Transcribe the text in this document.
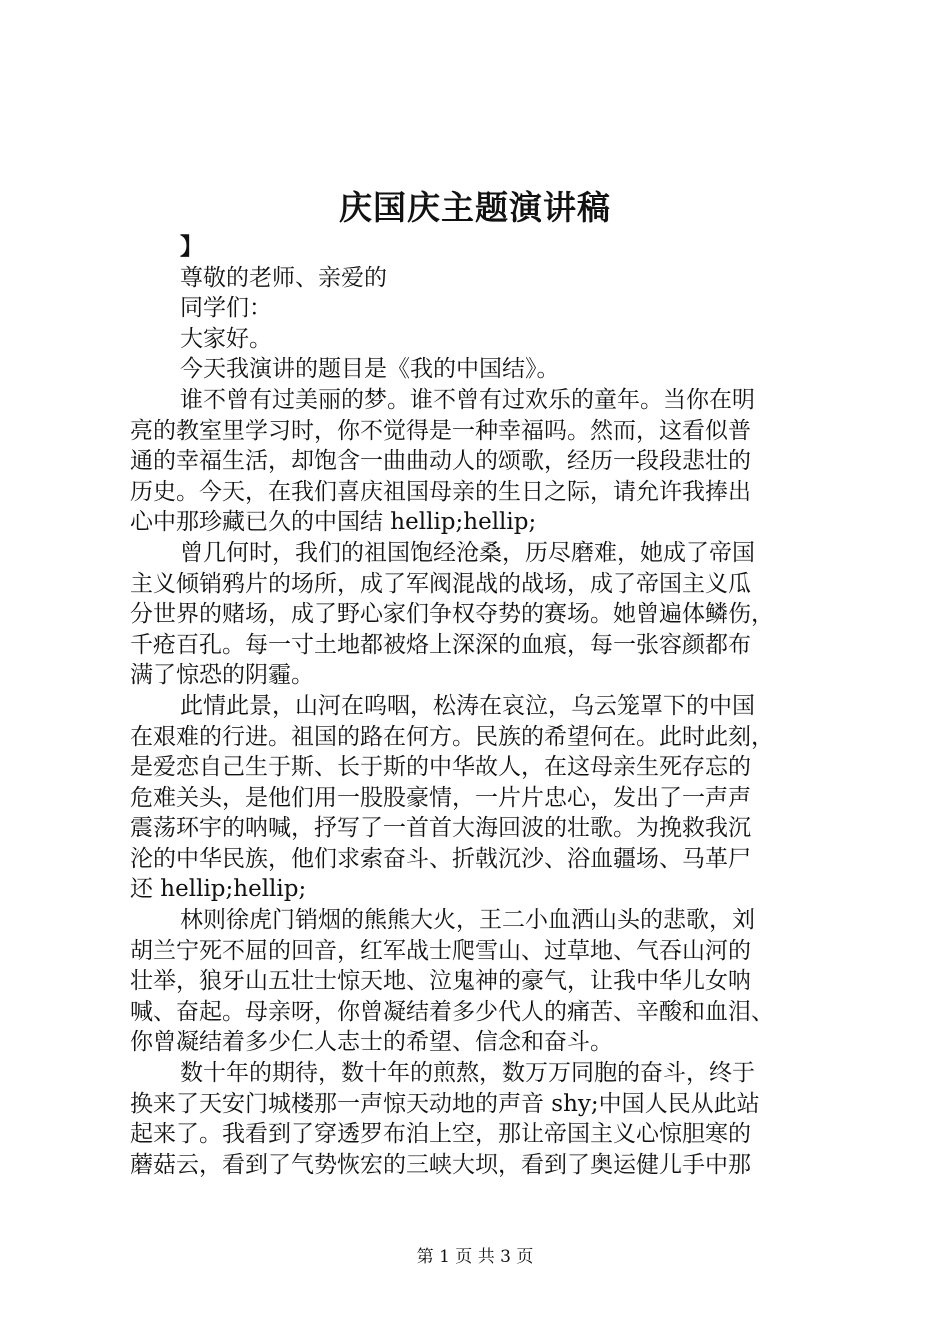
庆国庆主题演讲稿
】
尊敬的老师、亲爱的
同学们：
大家好。
今天我演讲的题目是《我的中国结》。
谁不曾有过美丽的梦。谁不曾有过欢乐的童年。当你在明
亮的教室里学习时，你不觉得是一种幸福吗。然而，这看似普
通的幸福生活，却饱含一曲曲动人的颂歌，经历一段段悲壮的
历史。今天，在我们喜庆祖国母亲的生日之际，请允许我捧出
心中那珍藏已久的中国结 hellip;hellip;
曾几何时，我们的祖国饱经沧桑，历尽磨难，她成了帝国
主义倾销鸦片的场所，成了军阀混战的战场，成了帝国主义瓜
分世界的赌场，成了野心家们争权夺势的赛场。她曾遍体鳞伤，
千疮百孔。每一寸土地都被烙上深深的血痕，每一张容颜都布
满了惊恐的阴霾。
此情此景，山河在呜咽，松涛在哀泣，乌云笼罩下的中国
在艰难的行进。祖国的路在何方。民族的希望何在。此时此刻，
是爱恋自己生于斯、长于斯的中华故人，在这母亲生死存忘的
危难关头，是他们用一股股豪情，一片片忠心，发出了一声声
震荡环宇的呐喊，抒写了一首首大海回波的壮歌。为挽救我沉
沦的中华民族，他们求索奋斗、折戟沉沙、浴血疆场、马革尸
还 hellip;hellip;
林则徐虎门销烟的熊熊大火，王二小血洒山头的悲歌，刘
胡兰宁死不屈的回音，红军战士爬雪山、过草地、气吞山河的
壮举，狼牙山五壮士惊天地、泣鬼神的豪气，让我中华儿女呐
喊、奋起。母亲呀，你曾凝结着多少代人的痛苦、辛酸和血泪、
你曾凝结着多少仁人志士的希望、信念和奋斗。
数十年的期待，数十年的煎熬，数万万同胞的奋斗，终于
换来了天安门城楼那一声惊天动地的声音 shy;中国人民从此站
起来了。我看到了穿透罗布泊上空，那让帝国主义心惊胆寒的
蘑菇云，看到了气势恢宏的三峡大坝，看到了奥运健儿手中那
第 1 页 共 3 页
